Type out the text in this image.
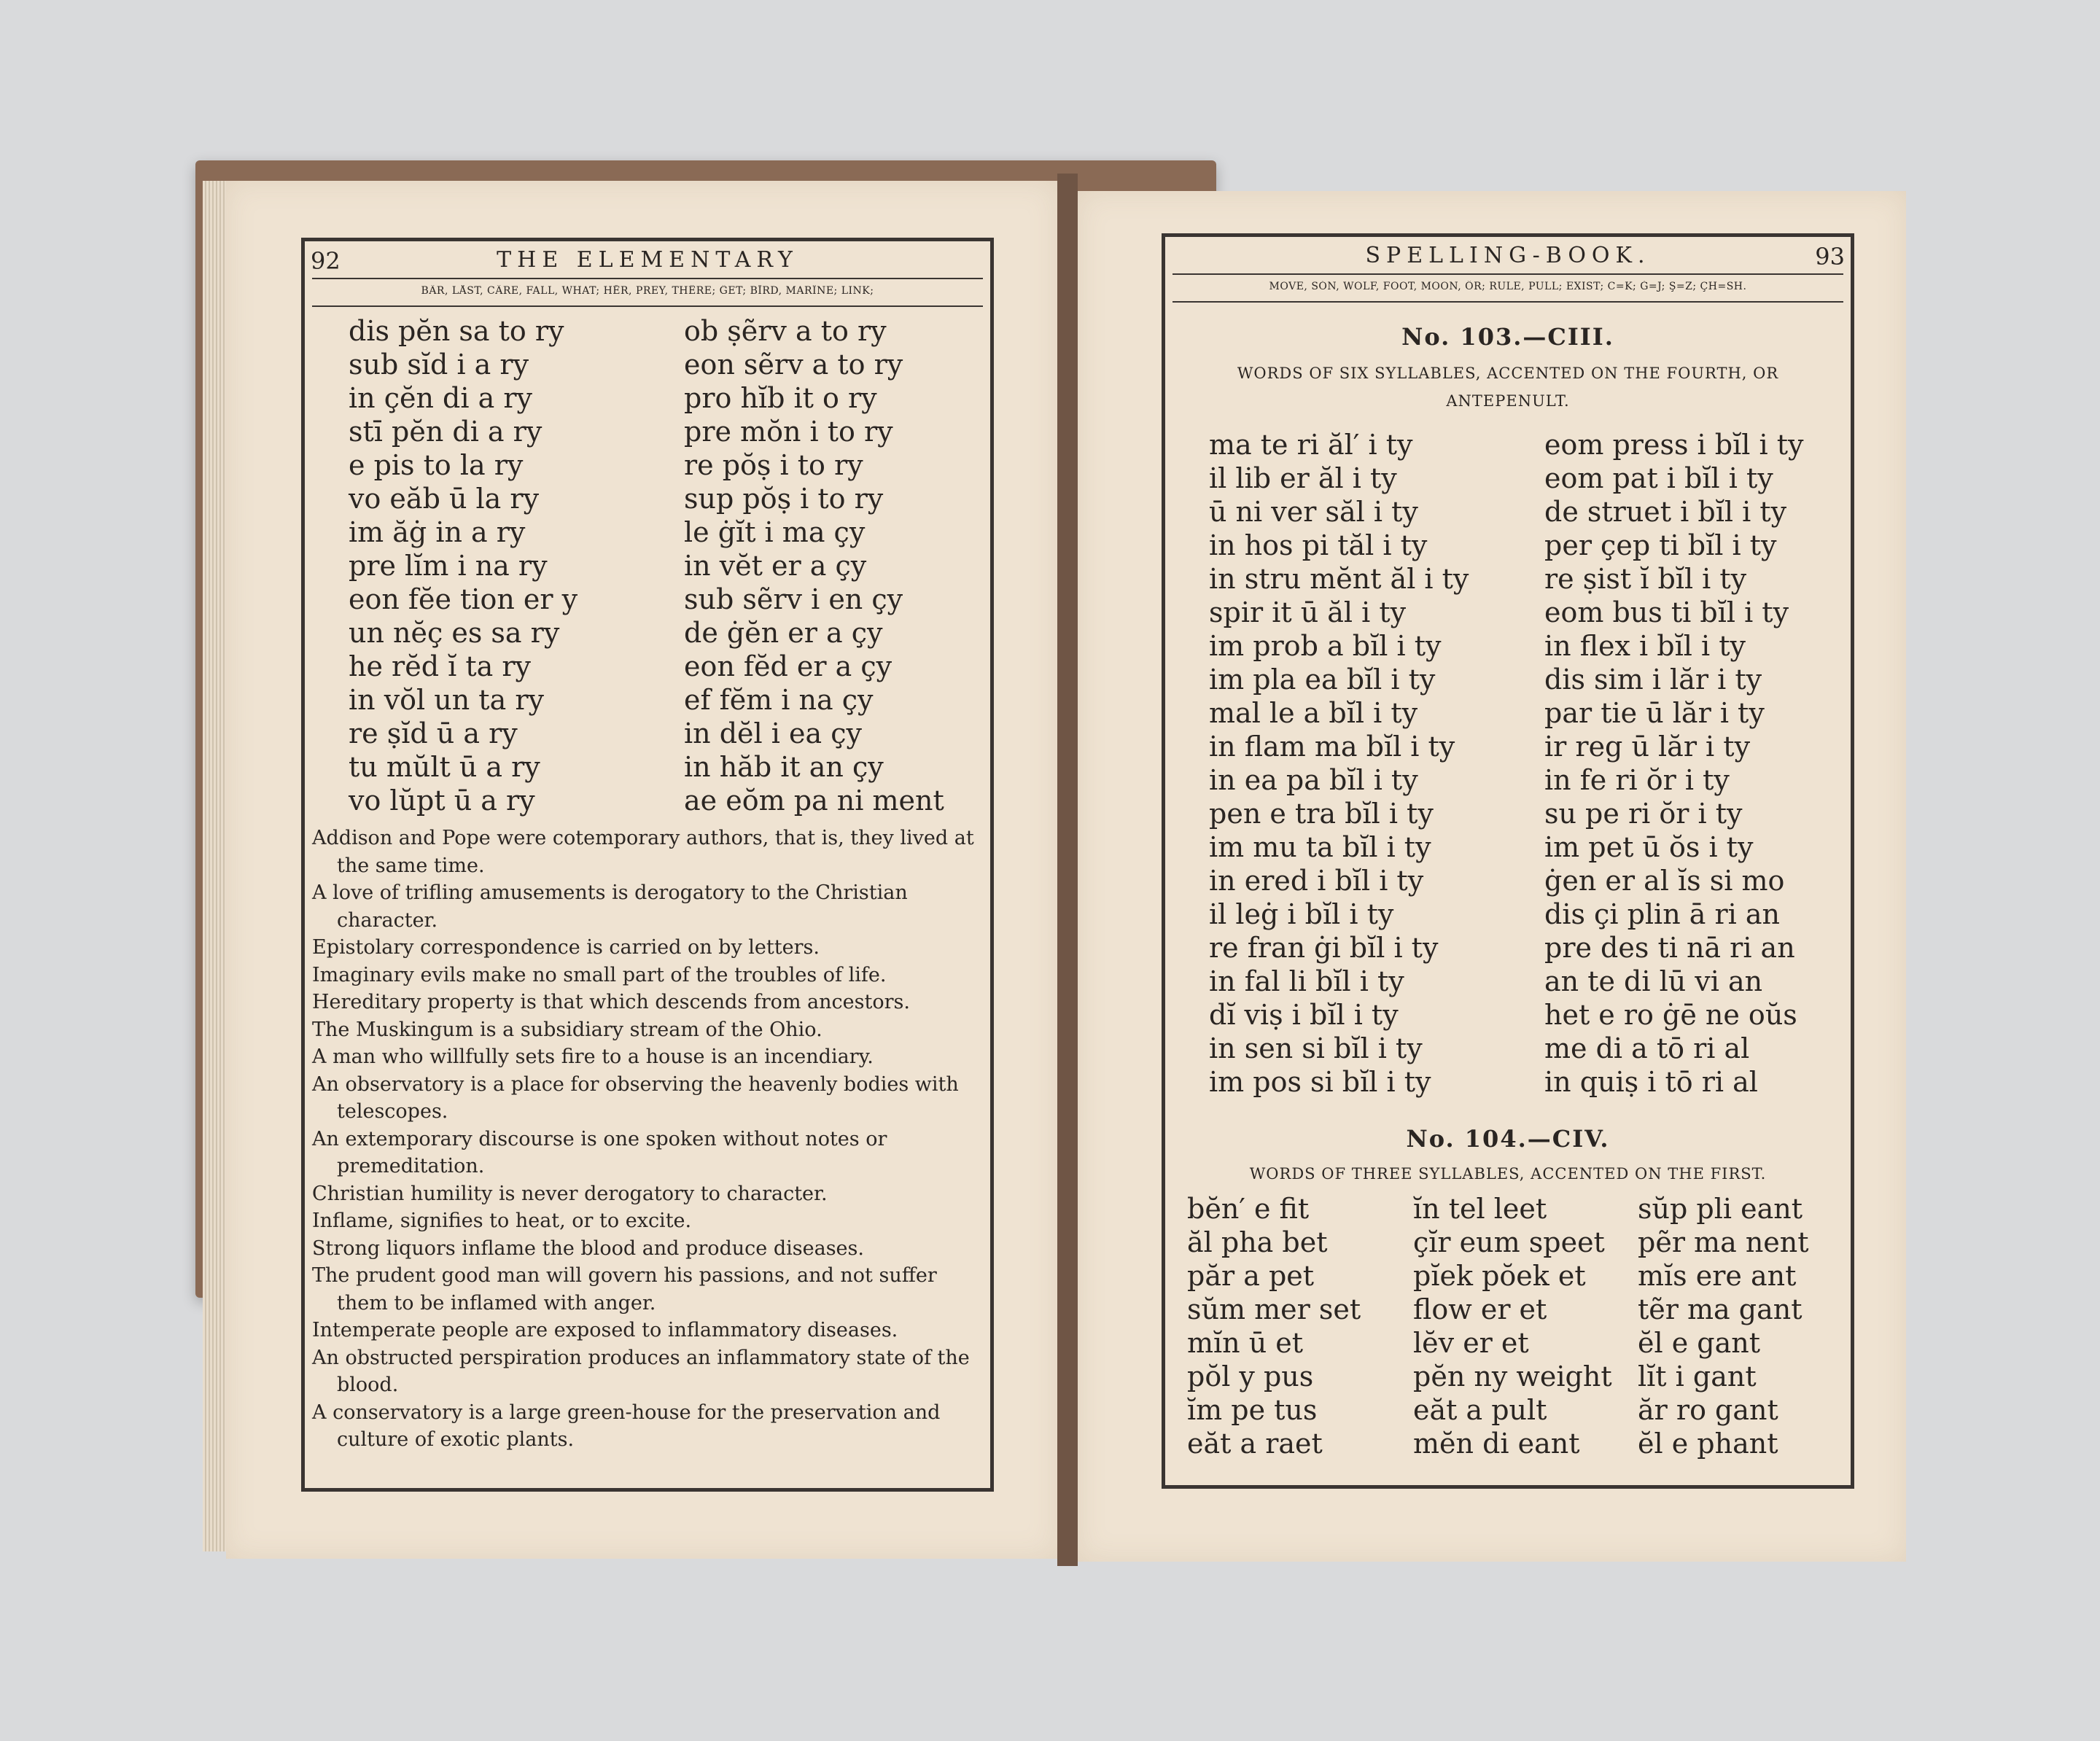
92	THE ELEMENTARY
BÄR, LÅST, CÂRE, FALL, WHAT; HĒR, PREY, THÊRE; ĜET; BĪRD, MARÏNE; LINK;
dis pĕn sa to ry
sub sĭd i a ry
in çĕn di a ry
stī pĕn di a ry
e pis to la ry
vo eăb ū la ry
im ăġ in a ry
pre lĭm i na ry
eon fĕe tion er y
un nĕç es sa ry
he rĕd ĭ ta ry
in vŏl un ta ry
re ṣĭd ū a ry
tu mŭlt ū a ry
vo lŭpt ū a ry
ob ṣẽrv a to ry
eon sẽrv a to ry
pro hĭb it o ry
pre mŏn i to ry
re pŏṣ i to ry
sup pŏṣ i to ry
le ġĭt i ma çy
in vĕt er a çy
sub sẽrv i en çy
de ġĕn er a çy
eon fĕd er a çy
ef fĕm i na çy
in dĕl i ea çy
in hăb it an çy
ae eŏm pa ni ment
Addison and Pope were cotemporary authors, that is, they lived at the same time.
A love of trifling amusements is derogatory to the Christian character.
Epistolary correspondence is carried on by letters.
Imaginary evils make no small part of the troubles of life.
Hereditary property is that which descends from ancestors.
The Muskingum is a subsidiary stream of the Ohio.
A man who willfully sets fire to a house is an incendiary.
An observatory is a place for observing the heavenly bodies with telescopes.
An extemporary discourse is one spoken without notes or premeditation.
Christian humility is never derogatory to character.
Inflame, signifies to heat, or to excite.
Strong liquors inflame the blood and produce diseases.
The prudent good man will govern his passions, and not suffer them to be inflamed with anger.
Intemperate people are exposed to inflammatory diseases.
An obstructed perspiration produces an inflammatory state of the blood.
A conservatory is a large green-house for the preservation and culture of exotic plants.
SPELLING-BOOK.	93
MOVE, SÓN, WOLF, FOOT, MOON, ÔR; RULE, PULL; EXIST; C=K; Ġ=J; Ş=Z; ÇH=SH.
No. 103.—CIII.
WORDS OF SIX SYLLABLES, ACCENTED ON THE FOURTH, OR ANTEPENULT.
ma te ri ăl′ i ty
il lib er ăl i ty
ū ni ver săl i ty
in hos pi tăl i ty
in stru mĕnt ăl i ty
spir it ū ăl i ty
im prob a bĭl i ty
im pla ea bĭl i ty
mal le a bĭl i ty
in flam ma bĭl i ty
in ea pa bĭl i ty
pen e tra bĭl i ty
im mu ta bĭl i ty
in ered i bĭl i ty
il leġ i bĭl i ty
re fran ġi bĭl i ty
in fal li bĭl i ty
dĭ viṣ i bĭl i ty
in sen si bĭl i ty
im pos si bĭl i ty
eom press i bĭl i ty
eom pat i bĭl i ty
de struet i bĭl i ty
per çep ti bĭl i ty
re ṣist ĭ bĭl i ty
eom bus ti bĭl i ty
in flex i bĭl i ty
dis sim i lăr i ty
par tie ū lăr i ty
ir reg ū lăr i ty
in fe ri ŏr i ty
su pe ri ŏr i ty
im pet ū ŏs i ty
ġen er al ĭs si mo
dis çi plin ā ri an
pre des ti nā ri an
an te di lū vi an
het e ro ġē ne oŭs
me di a tō ri al
in quiṣ i tō ri al
No. 104.—CIV.
WORDS OF THREE SYLLABLES, ACCENTED ON THE FIRST.
bĕn′ e fit
ăl pha bet
păr a pet
sŭm mer set
mĭn ū et
pŏl y pus
ĭm pe tus
eăt a raet
ĭn tel leet
çĭr eum speet
pĭek pŏek et
flow er et
lĕv er et
pĕn ny weight
eăt a pult
mĕn di eant
sŭp pli eant
pẽr ma nent
mĭs ere ant
tẽr ma gant
ĕl e gant
lĭt i gant
ăr ro gant
ĕl e phant
